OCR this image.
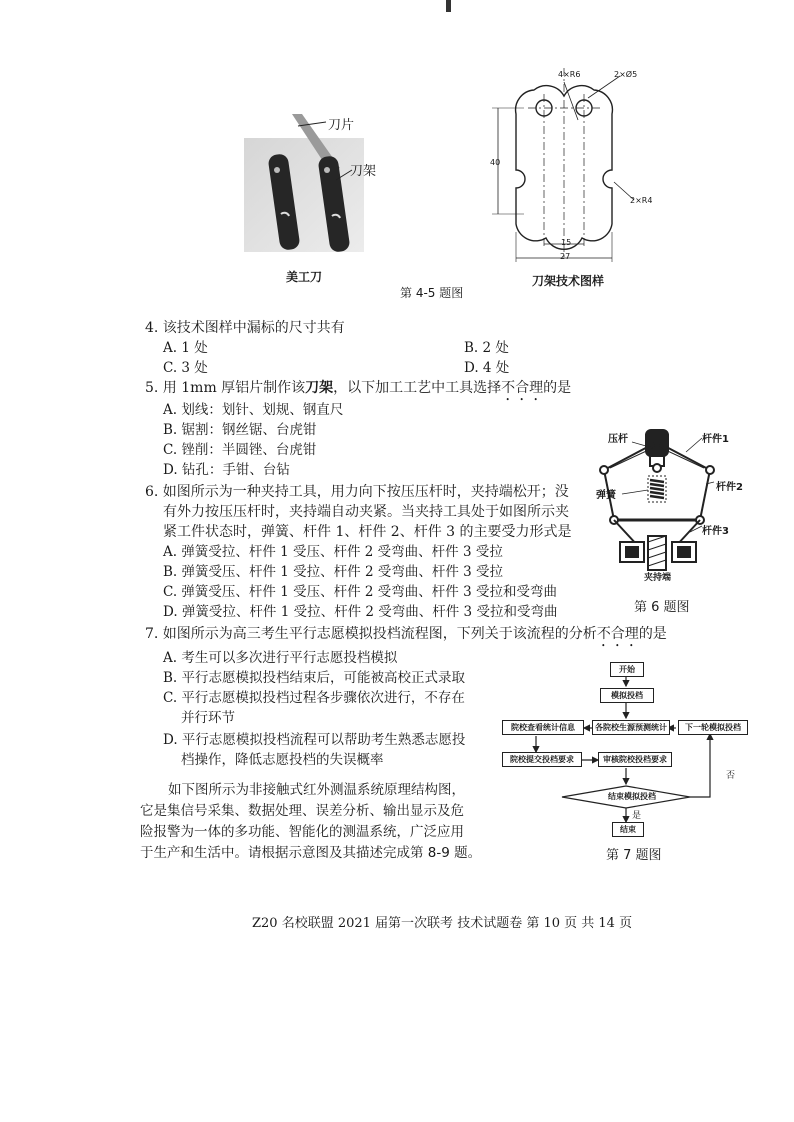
刀片
刀架
美工刀
4×R6	2×Ø5
40
2×R4
15
27
刀架技术图样
第 4-5 题图
4. 该技术图样中漏标的尺寸共有
A. 1 处	B. 2 处
C. 3 处	D. 4 处
5. 用 1mm 厚铝片制作该刀架，以下加工工艺中工具选择不合理的是
A. 划线：划针、划规、钢直尺
B. 锯割：钢丝锯、台虎钳
C. 锉削：半圆锉、台虎钳
D. 钻孔：手钳、台钻
压杆	杆件1
杆件2
弹簧
杆件3
夹持端
第 6 题图
6. 如图所示为一种夹持工具，用力向下按压压杆时，夹持端松开；没
有外力按压压杆时，夹持端自动夹紧。当夹持工具处于如图所示夹
紧工件状态时，弹簧、杆件 1、杆件 2、杆件 3 的主要受力形式是
A. 弹簧受拉、杆件 1 受压、杆件 2 受弯曲、杆件 3 受拉
B. 弹簧受压、杆件 1 受拉、杆件 2 受弯曲、杆件 3 受拉
C. 弹簧受压、杆件 1 受压、杆件 2 受弯曲、杆件 3 受拉和受弯曲
D. 弹簧受拉、杆件 1 受拉、杆件 2 受弯曲、杆件 3 受拉和受弯曲
7. 如图所示为高三考生平行志愿模拟投档流程图，下列关于该流程的分析不合理的是
A. 考生可以多次进行平行志愿投档模拟
B. 平行志愿模拟投档结束后，可能被高校正式录取
C. 平行志愿模拟投档过程各步骤依次进行，不存在
并行环节
D. 平行志愿模拟投档流程可以帮助考生熟悉志愿投
档操作，降低志愿投档的失误概率
开始
模拟投档
各院校生源预测统计	下一轮模拟投档
院校查看统计信息
院校提交投档要求	审核院校投档要求
结束模拟投档
否
是
结束
第 7 题图
如下图所示为非接触式红外测温系统原理结构图，
它是集信号采集、数据处理、误差分析、输出显示及危
险报警为一体的多功能、智能化的测温系统，广泛应用
于生产和生活中。请根据示意图及其描述完成第 8-9 题。
Z20 名校联盟 2021 届第一次联考 技术试题卷 第 10 页 共 14 页
